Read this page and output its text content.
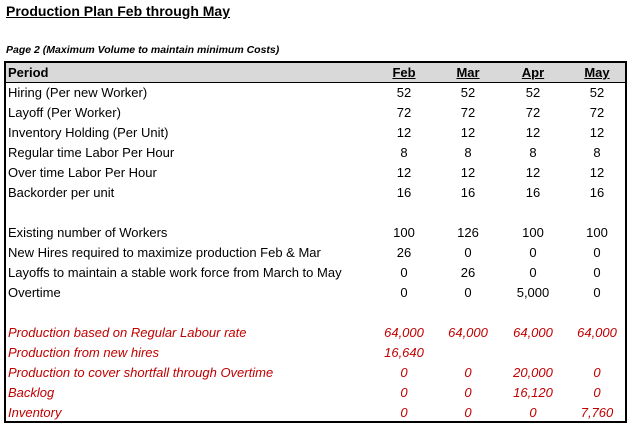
Production Plan Feb through May
Page 2 (Maximum Volume to maintain minimum Costs)
Period	Feb	Mar	Apr	May
Hiring (Per new Worker)	52	52	52	52
Layoff (Per Worker)	72	72	72	72
Inventory Holding (Per Unit)	12	12	12	12
Regular time Labor Per Hour	8	8	8	8
Over time Labor Per Hour	12	12	12	12
Backorder per unit	16	16	16	16
Existing number of Workers	100	126	100	100
New Hires required to maximize production Feb & Mar	26	0	0	0
Layoffs to maintain a stable work force from March to May	0	26	0	0
Overtime	0	0	5,000	0
Production based on Regular Labour rate	64,000	64,000	64,000	64,000
Production from new hires	16,640
Production to cover shortfall through Overtime	0	0	20,000	0
Backlog	0	0	16,120	0
Inventory	0	0	0	7,760
